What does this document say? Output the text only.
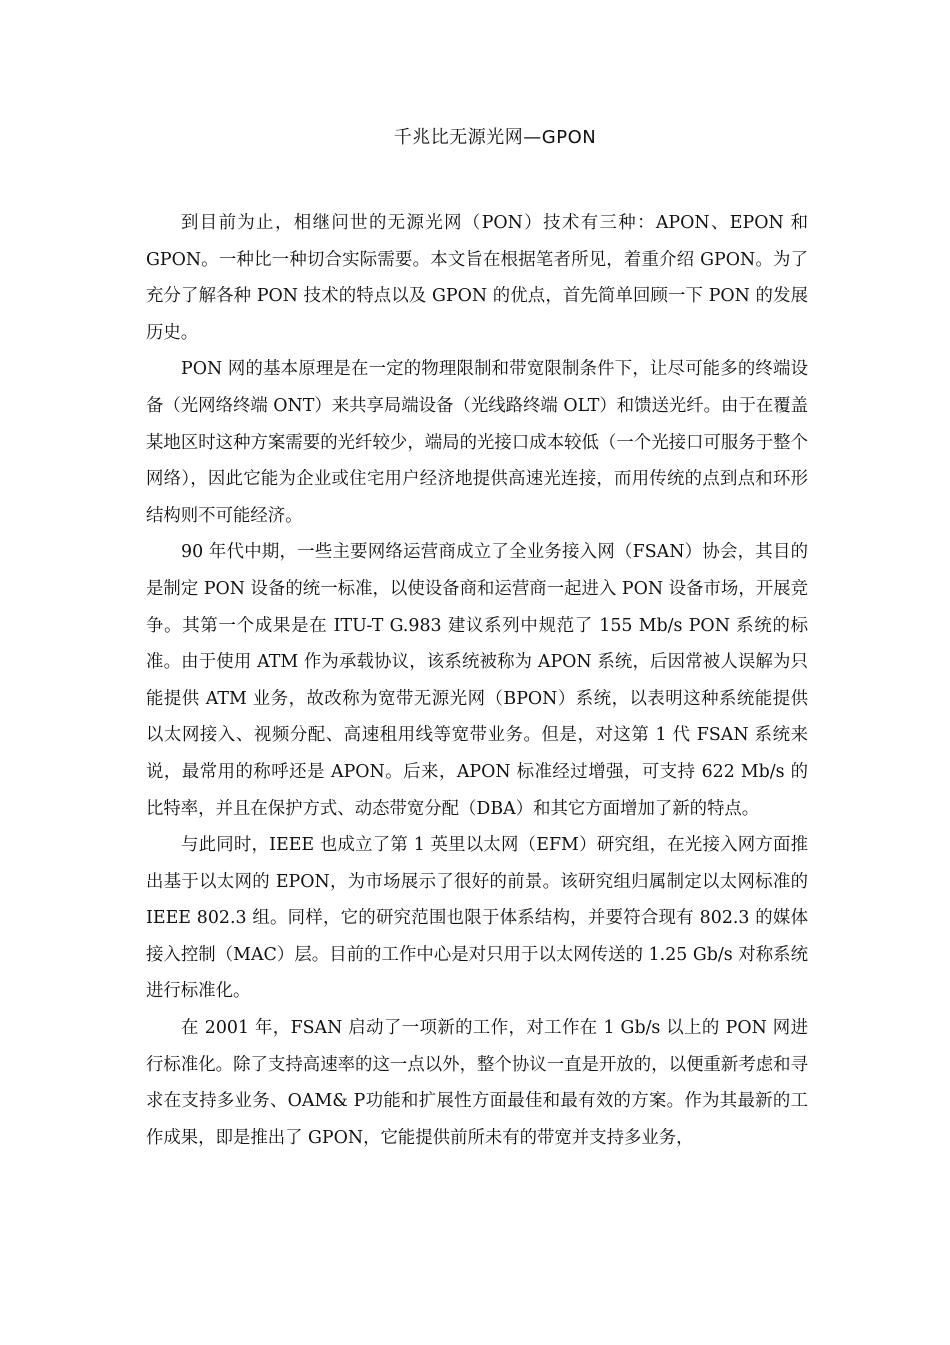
千兆比无源光网—GPON

到目前为止，相继问世的无源光网（PON）技术有三种：APON、EPON 和 GPON。一种比一种切合实际需要。本文旨在根据笔者所见，着重介绍 GPON。为了充分了解各种 PON 技术的特点以及 GPON 的优点，首先简单回顾一下 PON 的发展历史。

PON 网的基本原理是在一定的物理限制和带宽限制条件下，让尽可能多的终端设备（光网络终端 ONT）来共享局端设备（光线路终端 OLT）和馈送光纤。由于在覆盖某地区时这种方案需要的光纤较少，端局的光接口成本较低（一个光接口可服务于整个网络），因此它能为企业或住宅用户经济地提供高速光连接，而用传统的点到点和环形结构则不可能经济。

90 年代中期，一些主要网络运营商成立了全业务接入网（FSAN）协会，其目的是制定 PON 设备的统一标准，以使设备商和运营商一起进入 PON 设备市场，开展竞争。其第一个成果是在 ITU-T G.983 建议系列中规范了 155 Mb/s PON 系统的标准。由于使用 ATM 作为承载协议，该系统被称为 APON 系统，后因常被人误解为只能提供 ATM 业务，故改称为宽带无源光网（BPON）系统，以表明这种系统能提供以太网接入、视频分配、高速租用线等宽带业务。但是，对这第 1 代 FSAN 系统来说，最常用的称呼还是 APON。后来，APON 标准经过增强，可支持 622 Mb/s 的比特率，并且在保护方式、动态带宽分配（DBA）和其它方面增加了新的特点。

与此同时，IEEE 也成立了第 1 英里以太网（EFM）研究组，在光接入网方面推出基于以太网的 EPON，为市场展示了很好的前景。该研究组归属制定以太网标准的 IEEE 802.3 组。同样，它的研究范围也限于体系结构，并要符合现有 802.3 的媒体接入控制（MAC）层。目前的工作中心是对只用于以太网传送的 1.25 Gb/s 对称系统进行标准化。

在 2001 年，FSAN 启动了一项新的工作，对工作在 1 Gb/s 以上的 PON 网进行标准化。除了支持高速率的这一点以外，整个协议一直是开放的，以便重新考虑和寻求在支持多业务、OAM& P功能和扩展性方面最佳和最有效的方案。作为其最新的工作成果，即是推出了 GPON，它能提供前所未有的带宽并支持多业务，
